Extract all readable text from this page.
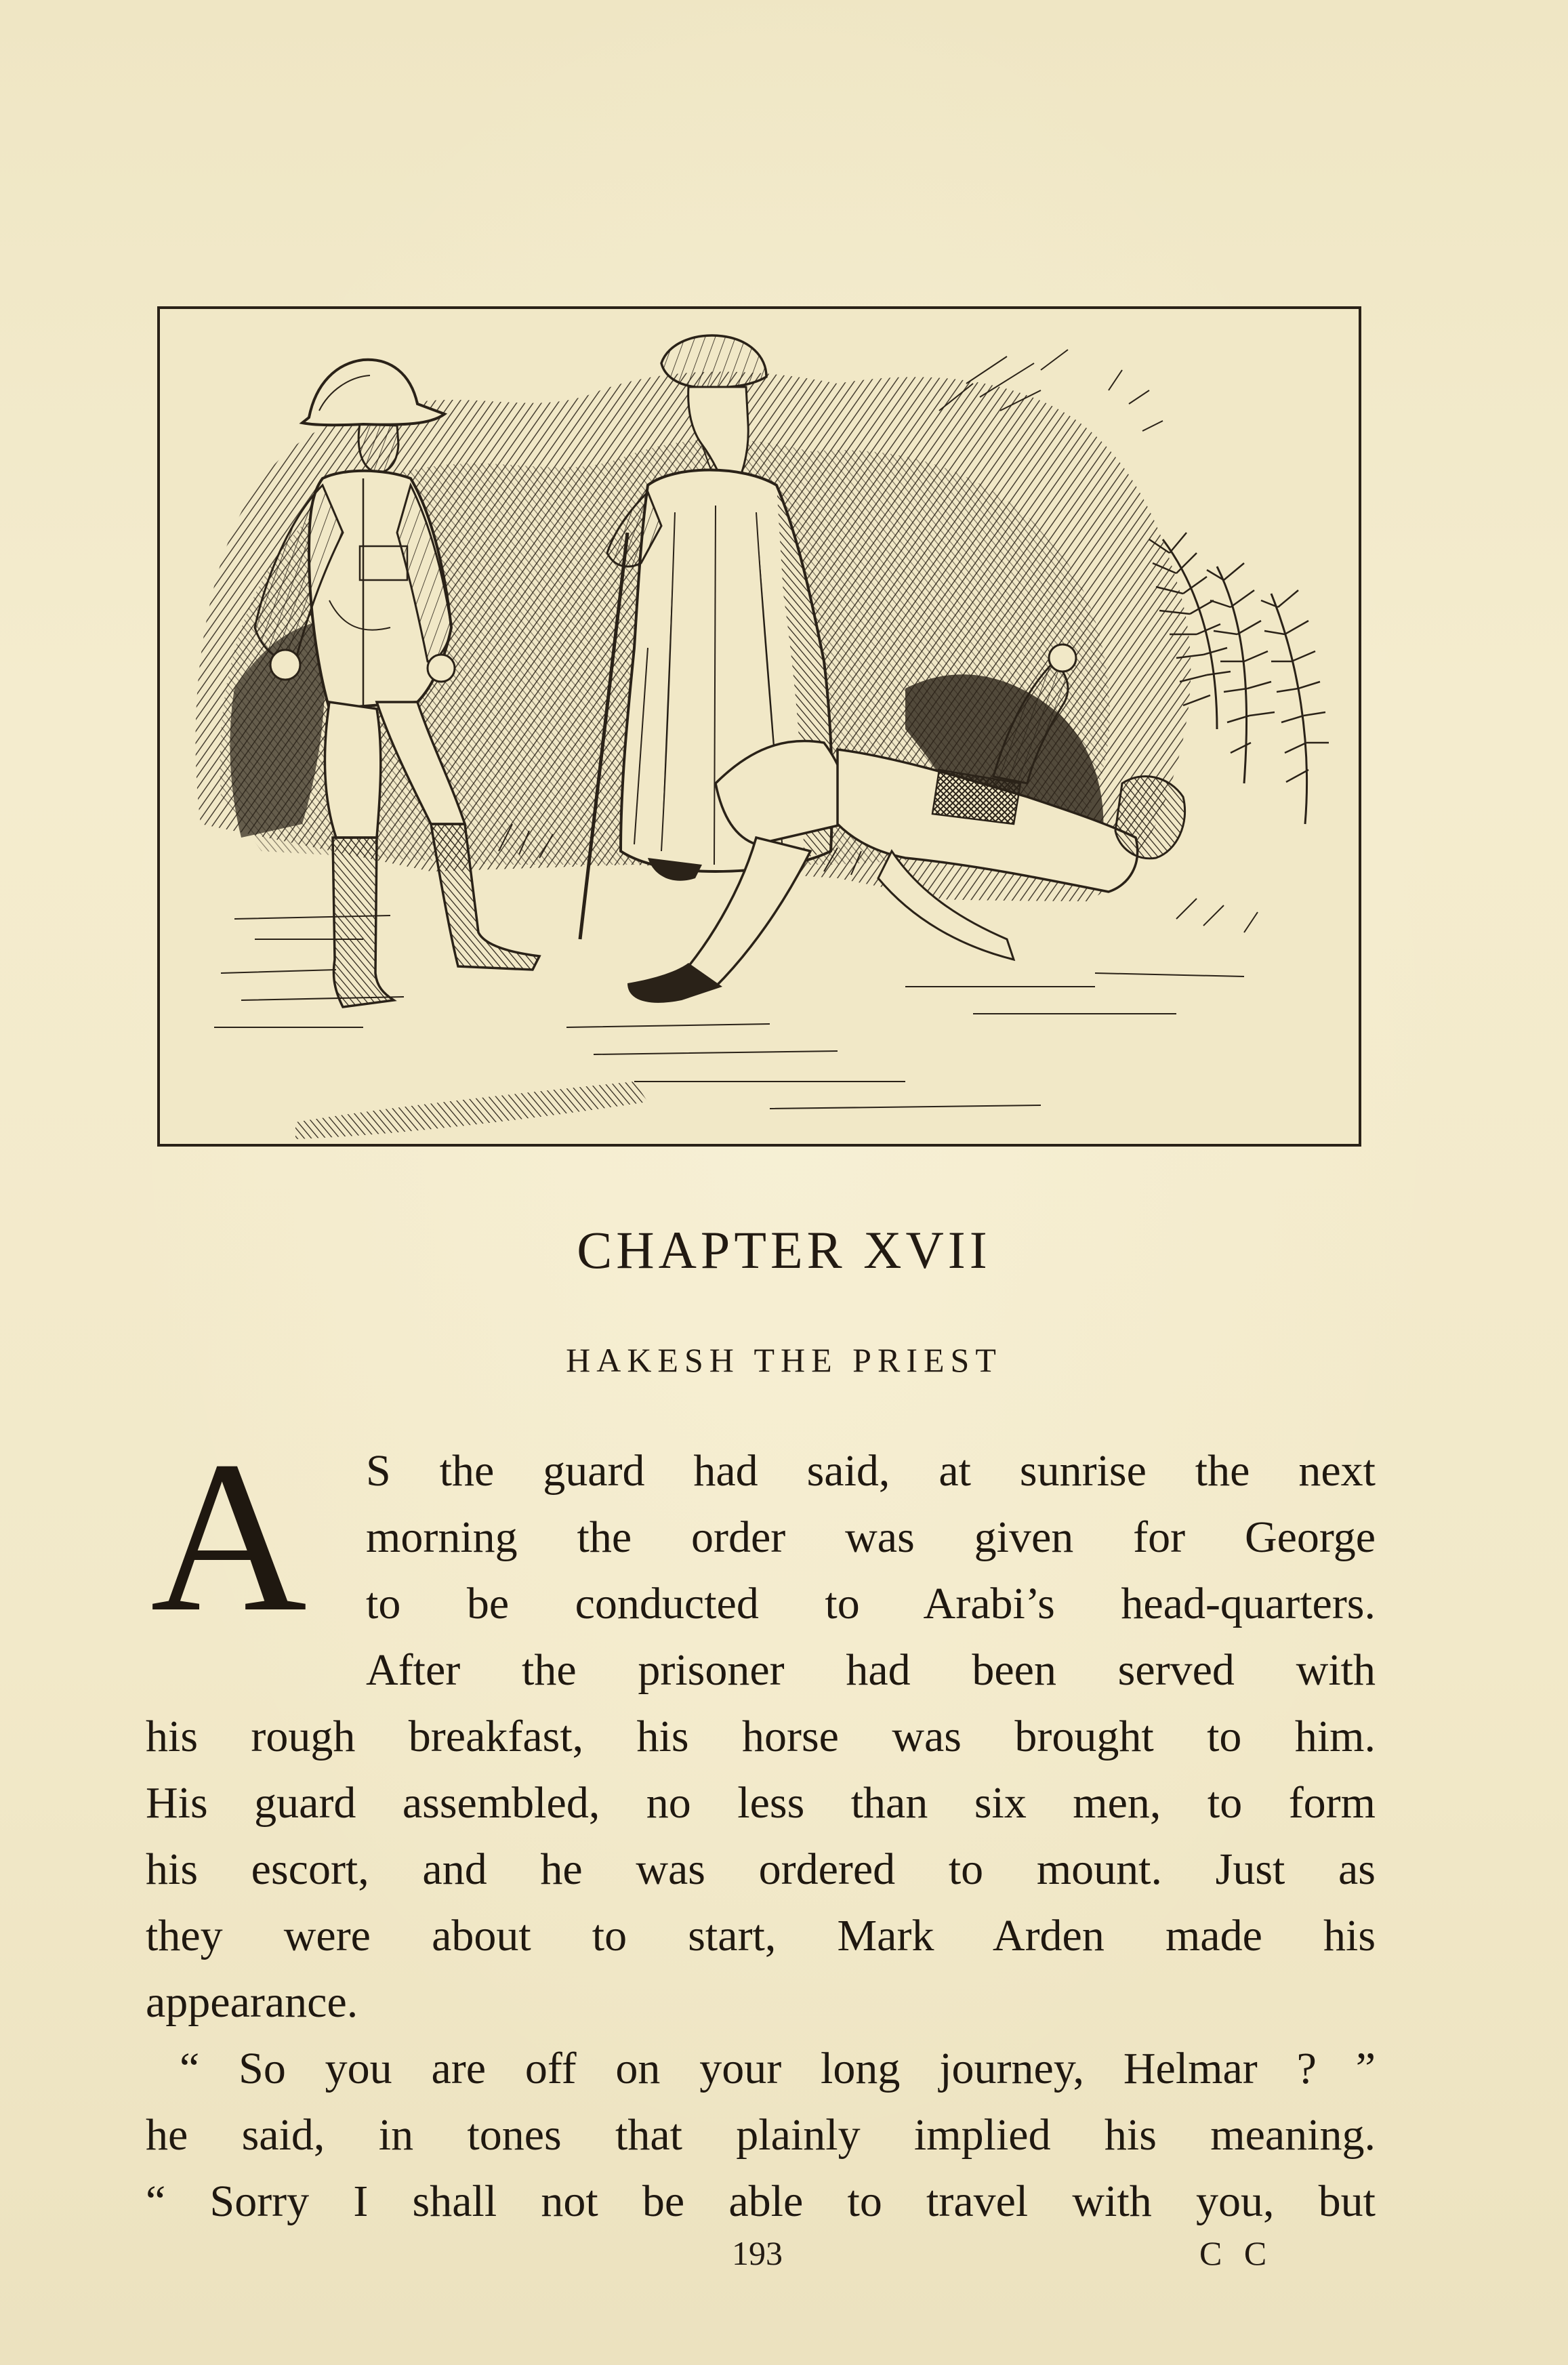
CHAPTER XVII
HAKESH THE PRIEST
A S the guard had said, at sunrise the next
morning the order was given for George
to be conducted to Arabi’s head-quarters.
After the prisoner had been served with
his rough breakfast, his horse was brought to him.
His guard assembled, no less than six men, to form
his escort, and he was ordered to mount. Just as
they were about to start, Mark Arden made his
appearance.
“ So you are off on your long journey, Helmar ? ”
he said, in tones that plainly implied his meaning.
“ Sorry I shall not be able to travel with you, but
193	C C
